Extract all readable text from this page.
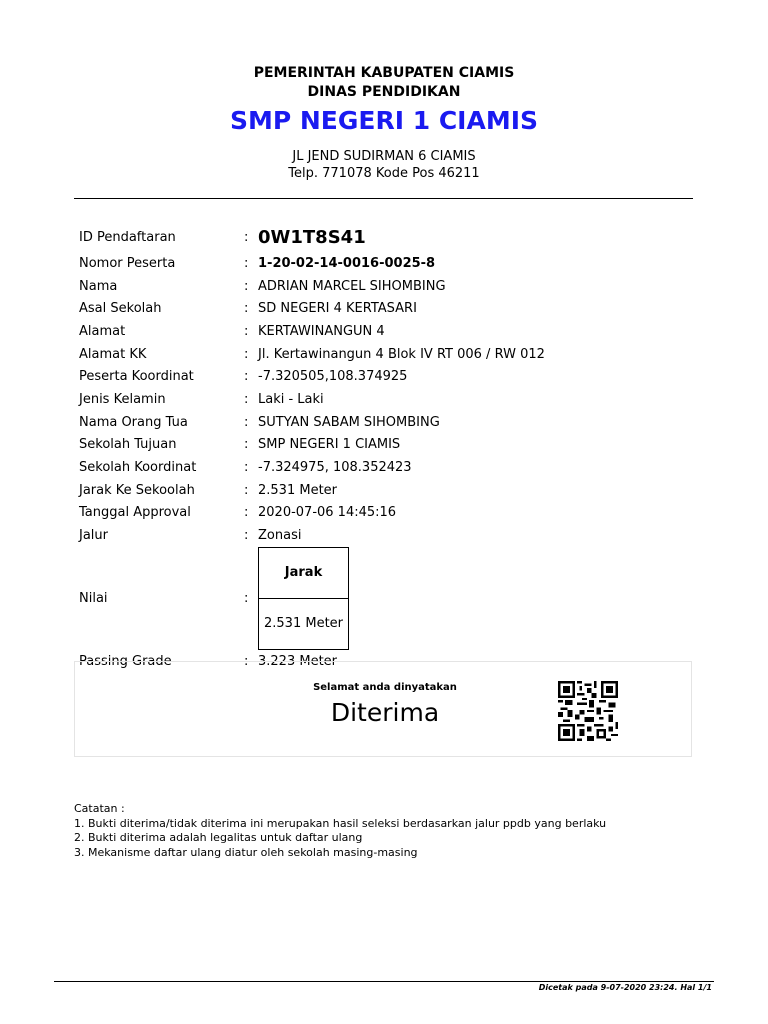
PEMERINTAH KABUPATEN CIAMIS
DINAS PENDIDIKAN
SMP NEGERI 1 CIAMIS
JL JEND SUDIRMAN 6 CIAMIS
Telp. 771078 Kode Pos 46211
ID Pendaftaran	:	0W1T8S41
Nomor Peserta	:	1-20-02-14-0016-0025-8
Nama	:	ADRIAN MARCEL SIHOMBING
Asal Sekolah	:	SD NEGERI 4 KERTASARI
Alamat	:	KERTAWINANGUN 4
Alamat KK	:	Jl. Kertawinangun 4 Blok IV RT 006 / RW 012
Peserta Koordinat	:	-7.320505,108.374925
Jenis Kelamin	:	Laki - Laki
Nama Orang Tua	:	SUTYAN SABAM SIHOMBING
Sekolah Tujuan	:	SMP NEGERI 1 CIAMIS
Sekolah Koordinat	:	-7.324975, 108.352423
Jarak Ke Sekoolah	:	2.531 Meter
Tanggal Approval	:	2020-07-06 14:45:16
Jalur	:	Zonasi
Nilai	:	
Jarak
2.531 Meter

Passing Grade	:	3.223 Meter
Selamat anda dinyatakan
Diterima
Catatan :
1. Bukti diterima/tidak diterima ini merupakan hasil seleksi berdasarkan jalur ppdb yang berlaku
2. Bukti diterima adalah legalitas untuk daftar ulang
3. Mekanisme daftar ulang diatur oleh sekolah masing-masing
Dicetak pada 9-07-2020 23:24. Hal 1/1
